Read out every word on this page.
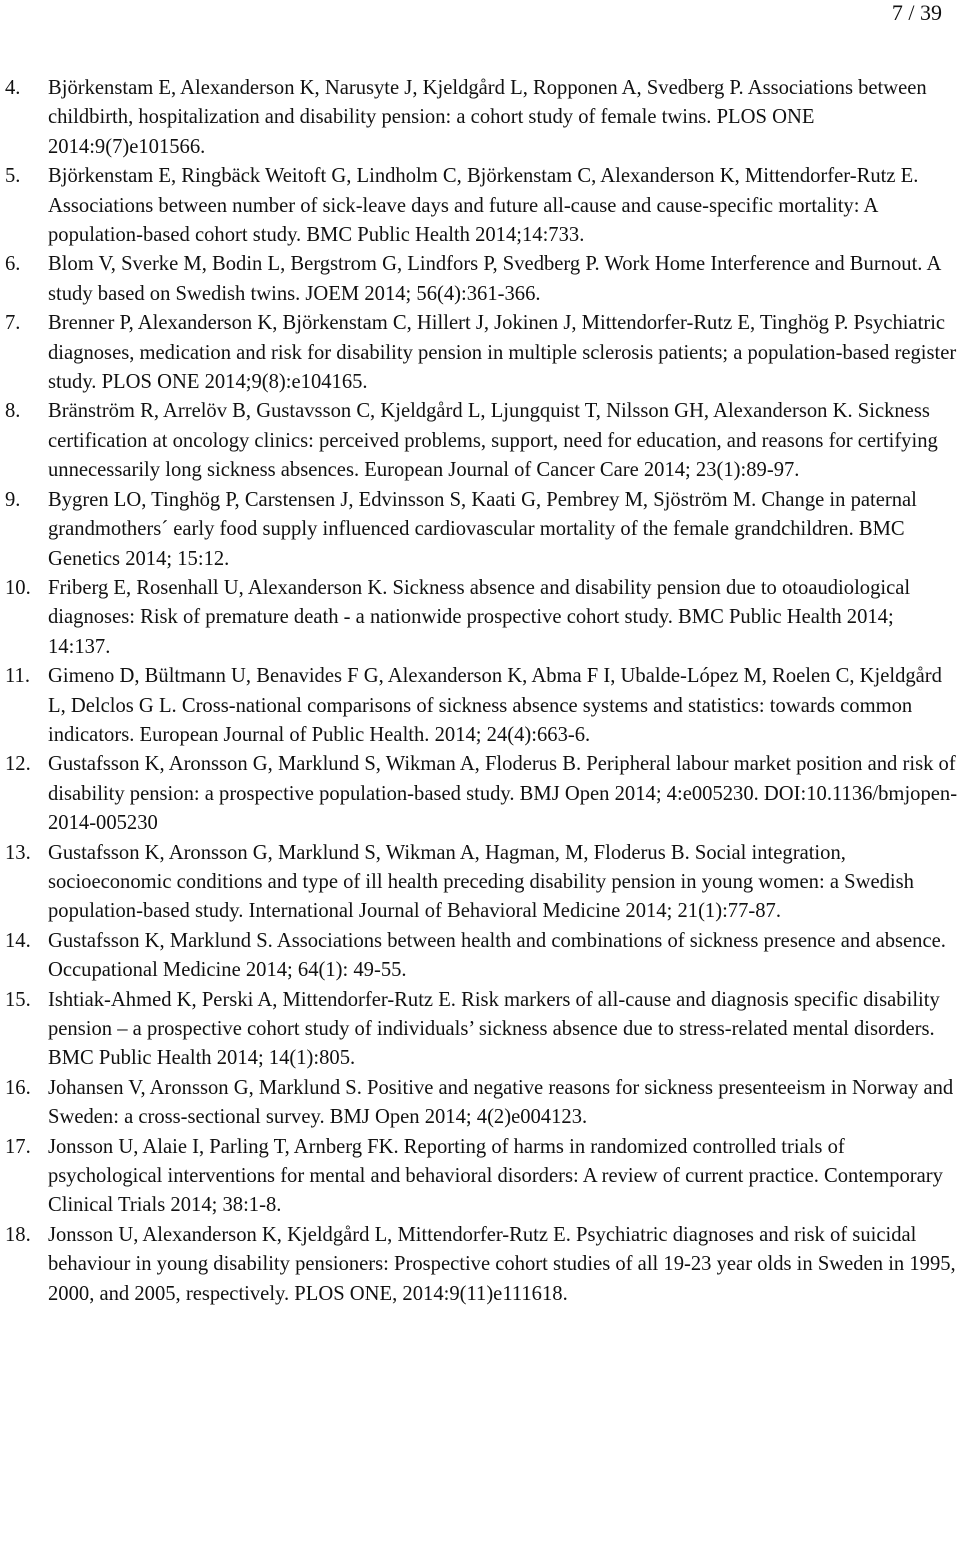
7 / 39
4. Björkenstam E, Alexanderson K, Narusyte J, Kjeldgård L, Ropponen A, Svedberg P. Associations between childbirth, hospitalization and disability pension: a cohort study of female twins. PLOS ONE 2014:9(7)e101566.
5. Björkenstam E, Ringbäck Weitoft G, Lindholm C, Björkenstam C, Alexanderson K, Mittendorfer-Rutz E. Associations between number of sick-leave days and future all-cause and cause-specific mortality: A population-based cohort study. BMC Public Health 2014;14:733.
6. Blom V, Sverke M, Bodin L, Bergstrom G, Lindfors P, Svedberg P. Work Home Interference and Burnout. A study based on Swedish twins. JOEM 2014; 56(4):361-366.
7. Brenner P, Alexanderson K, Björkenstam C, Hillert J, Jokinen J, Mittendorfer-Rutz E, Tinghög P. Psychiatric diagnoses, medication and risk for disability pension in multiple sclerosis patients; a population-based register study. PLOS ONE 2014;9(8):e104165.
8. Bränström R, Arrelöv B, Gustavsson C, Kjeldgård L, Ljungquist T, Nilsson GH, Alexanderson K. Sickness certification at oncology clinics: perceived problems, support, need for education, and reasons for certifying unnecessarily long sickness absences. European Journal of Cancer Care 2014; 23(1):89-97.
9. Bygren LO, Tinghög P, Carstensen J, Edvinsson S, Kaati G, Pembrey M, Sjöström M. Change in paternal grandmothers´ early food supply influenced cardiovascular mortality of the female grandchildren. BMC Genetics 2014; 15:12.
10. Friberg E, Rosenhall U, Alexanderson K. Sickness absence and disability pension due to otoaudiological diagnoses: Risk of premature death - a nationwide prospective cohort study. BMC Public Health 2014; 14:137.
11. Gimeno D, Bültmann U, Benavides F G, Alexanderson K, Abma F I, Ubalde-López M, Roelen C, Kjeldgård L, Delclos G L. Cross-national comparisons of sickness absence systems and statistics: towards common indicators. European Journal of Public Health. 2014; 24(4):663-6.
12. Gustafsson K, Aronsson G, Marklund S, Wikman A, Floderus B. Peripheral labour market position and risk of disability pension: a prospective population-based study. BMJ Open 2014; 4:e005230. DOI:10.1136/bmjopen-2014-005230
13. Gustafsson K, Aronsson G, Marklund S, Wikman A, Hagman, M, Floderus B. Social integration, socioeconomic conditions and type of ill health preceding disability pension in young women: a Swedish population-based study. International Journal of Behavioral Medicine 2014; 21(1):77-87.
14. Gustafsson K, Marklund S. Associations between health and combinations of sickness presence and absence. Occupational Medicine 2014; 64(1): 49-55.
15. Ishtiak-Ahmed K, Perski A, Mittendorfer-Rutz E. Risk markers of all-cause and diagnosis specific disability pension – a prospective cohort study of individuals’ sickness absence due to stress-related mental disorders. BMC Public Health 2014; 14(1):805.
16. Johansen V, Aronsson G, Marklund S. Positive and negative reasons for sickness presenteeism in Norway and Sweden: a cross-sectional survey. BMJ Open 2014; 4(2)e004123.
17. Jonsson U, Alaie I, Parling T, Arnberg FK. Reporting of harms in randomized controlled trials of psychological interventions for mental and behavioral disorders: A review of current practice. Contemporary Clinical Trials 2014; 38:1-8.
18. Jonsson U, Alexanderson K, Kjeldgård L, Mittendorfer-Rutz E. Psychiatric diagnoses and risk of suicidal behaviour in young disability pensioners: Prospective cohort studies of all 19-23 year olds in Sweden in 1995, 2000, and 2005, respectively. PLOS ONE, 2014:9(11)e111618.
